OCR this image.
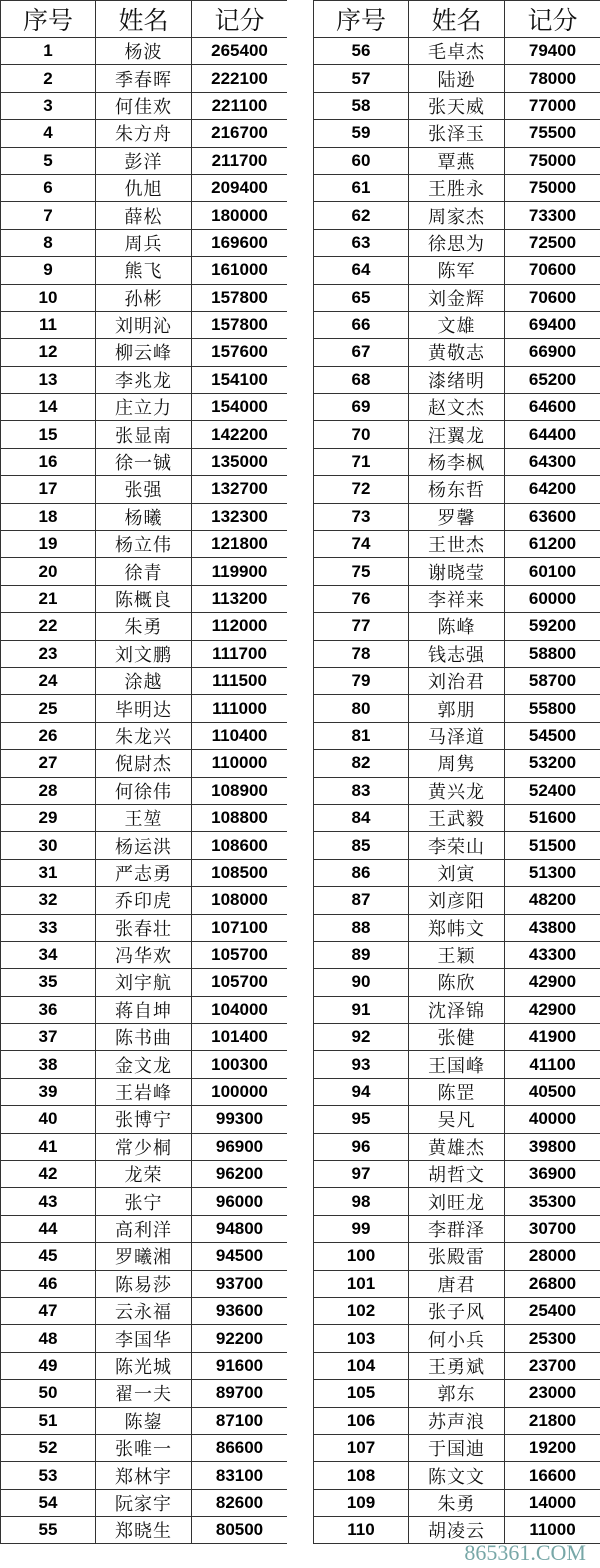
序号	姓名	记分
1	杨波	265400
2	季春晖	222100
3	何佳欢	221100
4	朱方舟	216700
5	彭洋	211700
6	仇旭	209400
7	薛松	180000
8	周兵	169600
9	熊飞	161000
10	孙彬	157800
11	刘明沁	157800
12	柳云峰	157600
13	李兆龙	154100
14	庄立力	154000
15	张显南	142200
16	徐一铖	135000
17	张强	132700
18	杨曦	132300
19	杨立伟	121800
20	徐青	119900
21	陈概良	113200
22	朱勇	112000
23	刘文鹏	111700
24	涂越	111500
25	毕明达	111000
26	朱龙兴	110400
27	倪尉杰	110000
28	何徐伟	108900
29	王堃	108800
30	杨运洪	108600
31	严志勇	108500
32	乔印虎	108000
33	张春壮	107100
34	冯华欢	105700
35	刘宇航	105700
36	蒋自坤	104000
37	陈书曲	101400
38	金文龙	100300
39	王岩峰	100000
40	张博宁	99300
41	常少桐	96900
42	龙荣	96200
43	张宁	96000
44	高利洋	94800
45	罗曦湘	94500
46	陈易莎	93700
47	云永福	93600
48	李国华	92200
49	陈光城	91600
50	翟一夫	89700
51	陈鋆	87100
52	张唯一	86600
53	郑林宇	83100
54	阮家宇	82600
55	郑晓生	80500
序号	姓名	记分
56	毛卓杰	79400
57	陆逊	78000
58	张天威	77000
59	张泽玉	75500
60	覃燕	75000
61	王胜永	75000
62	周家杰	73300
63	徐思为	72500
64	陈军	70600
65	刘金辉	70600
66	文雄	69400
67	黄敬志	66900
68	漆绪明	65200
69	赵文杰	64600
70	汪翼龙	64400
71	杨李枫	64300
72	杨东哲	64200
73	罗馨	63600
74	王世杰	61200
75	谢晓莹	60100
76	李祥来	60000
77	陈峰	59200
78	钱志强	58800
79	刘治君	58700
80	郭朋	55800
81	马泽道	54500
82	周隽	53200
83	黄兴龙	52400
84	王武毅	51600
85	李荣山	51500
86	刘寅	51300
87	刘彦阳	48200
88	郑帏文	43800
89	王颖	43300
90	陈欣	42900
91	沈泽锦	42900
92	张健	41900
93	王国峰	41100
94	陈罡	40500
95	吴凡	40000
96	黄雄杰	39800
97	胡哲文	36900
98	刘旺龙	35300
99	李群泽	30700
100	张殿雷	28000
101	唐君	26800
102	张子风	25400
103	何小兵	25300
104	王勇斌	23700
105	郭东	23000
106	苏声浪	21800
107	于国迪	19200
108	陈文文	16600
109	朱勇	14000
110	胡凌云	11000
865361.COM
